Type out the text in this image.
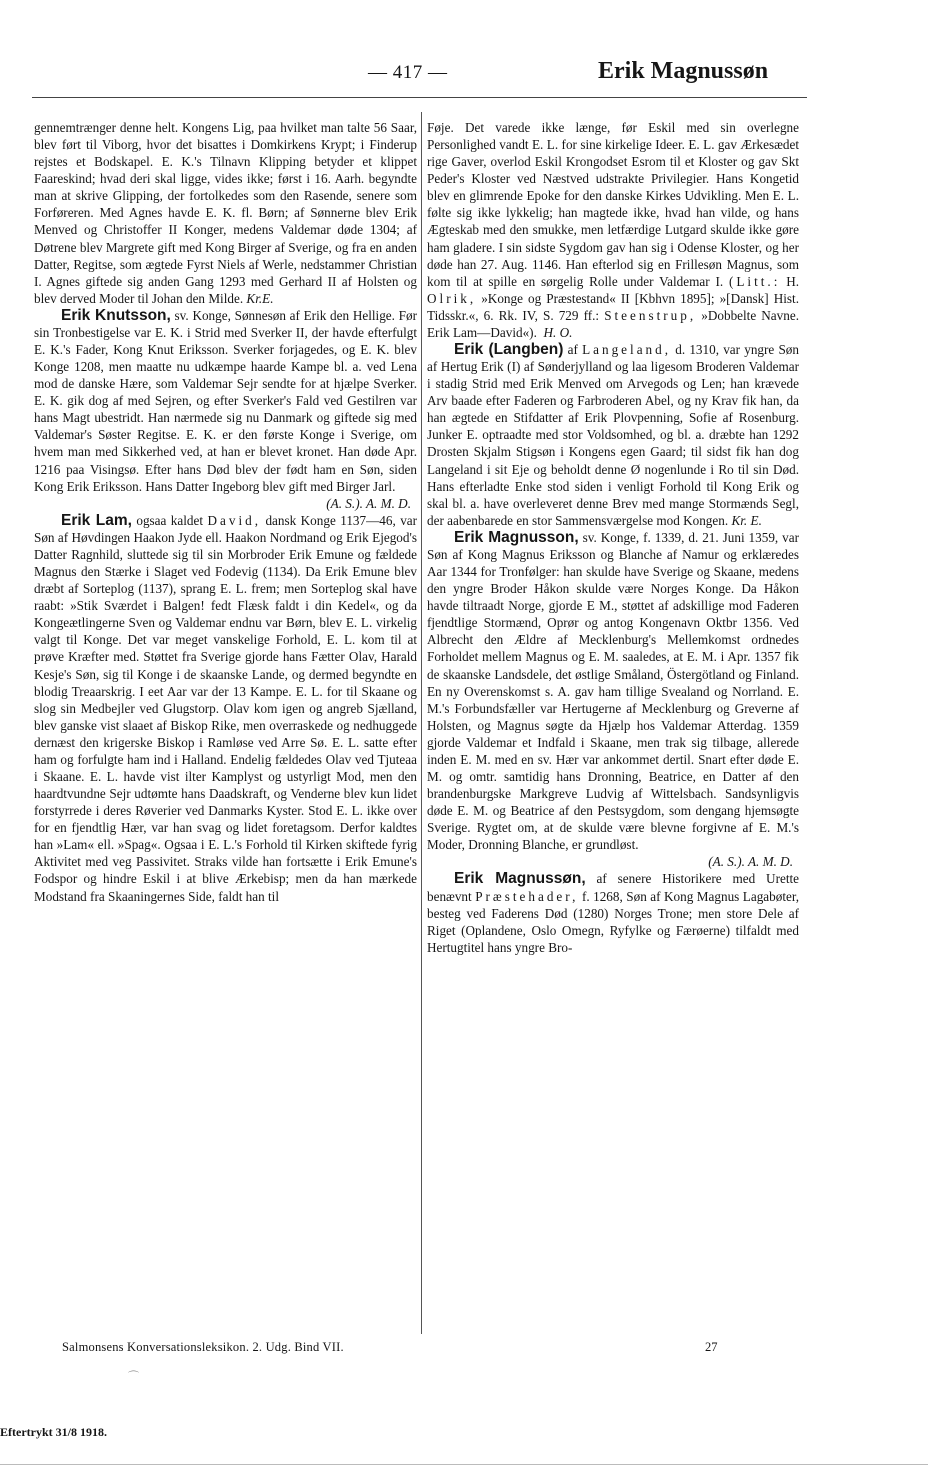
— 417 —	Erik Magnussøn

gennemtrænger denne helt. Kongens Lig, paa hvilket man talte 56 Saar, blev ført til Viborg, hvor det bisattes i Domkirkens Krypt; i Finderup rejstes et Bodskapel. E. K.'s Tilnavn Klipping betyder et klippet Faareskind; hvad deri skal ligge, vides ikke; først i 16. Aarh. begyndte man at skrive Glipping, der fortolkedes som den Rasende, senere som Forføreren. Med Agnes havde E. K. fl. Børn; af Sønnerne blev Erik Menved og Christoffer II Konger, medens Valdemar døde 1304; af Døtrene blev Margrete gift med Kong Birger af Sverige, og fra en anden Datter, Regitse, som ægtede Fyrst Niels af Werle, nedstammer Christian I. Agnes giftede sig anden Gang 1293 med Gerhard II af Holsten og blev derved Moder til Johan den Milde. Kr.E.

Erik Knutsson, sv. Konge, Sønnesøn af Erik den Hellige. Før sin Tronbestigelse var E. K. i Strid med Sverker II, der havde efterfulgt E. K.'s Fader, Kong Knut Eriksson. Sverker forjagedes, og E. K. blev Konge 1208, men maatte nu udkæmpe haarde Kampe bl. a. ved Lena mod de danske Hære, som Valdemar Sejr sendte for at hjælpe Sverker. E. K. gik dog af med Sejren, og efter Sverker's Fald ved Gestilren var hans Magt ubestridt. Han nærmede sig nu Danmark og giftede sig med Valdemar's Søster Regitse. E. K. er den første Konge i Sverige, om hvem man med Sikkerhed ved, at han er blevet kronet. Han døde Apr. 1216 paa Visingsø. Efter hans Død blev der født ham en Søn, siden Kong Erik Eriksson. Hans Datter Ingeborg blev gift med Birger Jarl.

(A. S.). A. M. D.

Erik Lam, ogsaa kaldet David, dansk Konge 1137—46, var Søn af Høvdingen Haakon Jyde ell. Haakon Nordmand og Erik Ejegod's Datter Ragnhild, sluttede sig til sin Morbroder Erik Emune og fældede Magnus den Stærke i Slaget ved Fodevig (1134). Da Erik Emune blev dræbt af Sorteplog (1137), sprang E. L. frem; men Sorteplog skal have raabt: »Stik Sværdet i Balgen! fedt Flæsk faldt i din Kedel«, og da Kongeætlingerne Sven og Valdemar endnu var Børn, blev E. L. virkelig valgt til Konge. Det var meget vanskelige Forhold, E. L. kom til at prøve Kræfter med. Støttet fra Sverige gjorde hans Fætter Olav, Harald Kesje's Søn, sig til Konge i de skaanske Lande, og dermed begyndte en blodig Treaarskrig. I eet Aar var der 13 Kampe. E. L. for til Skaane og slog sin Medbejler ved Glugstorp. Olav kom igen og angreb Sjælland, blev ganske vist slaaet af Biskop Rike, men overraskede og nedhuggede dernæst den krigerske Biskop i Ramløse ved Arre Sø. E. L. satte efter ham og forfulgte ham ind i Halland. Endelig fældedes Olav ved Tjuteaa i Skaane. E. L. havde vist ilter Kamplyst og ustyrligt Mod, men den haardtvundne Sejr udtømte hans Daadskraft, og Venderne blev kun lidet forstyrrede i deres Røverier ved Danmarks Kyster. Stod E. L. ikke over for en fjendtlig Hær, var han svag og lidet foretagsom. Derfor kaldtes han »Lam« ell. »Spag«. Ogsaa i E. L.'s Forhold til Kirken skiftede fyrig Aktivitet med veg Passivitet. Straks vilde han fortsætte i Erik Emune's Fodspor og hindre Eskil i at blive Ærkebisp; men da han mærkede Modstand fra Skaaningernes Side, faldt han til

Føje. Det varede ikke længe, før Eskil med sin overlegne Personlighed vandt E. L. for sine kirkelige Ideer. E. L. gav Ærkesædet rige Gaver, overlod Eskil Krongodset Esrom til et Kloster og gav Skt Peder's Kloster ved Næstved udstrakte Privilegier. Hans Kongetid blev en glimrende Epoke for den danske Kirkes Udvikling. Men E. L. følte sig ikke lykkelig; han magtede ikke, hvad han vilde, og hans Ægteskab med den smukke, men letfærdige Lutgard skulde ikke gøre ham gladere. I sin sidste Sygdom gav han sig i Odense Kloster, og her døde han 27. Aug. 1146. Han efterlod sig en Frillesøn Magnus, som kom til at spille en sørgelig Rolle under Valdemar I. (Litt.: H. Olrik, »Konge og Præstestand« II [Kbhvn 1895]; »[Dansk] Hist. Tidsskr.«, 6. Rk. IV, S. 729 ff.: Steenstrup, »Dobbelte Navne. Erik Lam—David«). H. O.

Erik (Langben) af Langeland, d. 1310, var yngre Søn af Hertug Erik (I) af Sønderjylland og laa ligesom Broderen Valdemar i stadig Strid med Erik Menved om Arvegods og Len; han krævede Arv baade efter Faderen og Farbroderen Abel, og ny Krav fik han, da han ægtede en Stifdatter af Erik Plovpenning, Sofie af Rosenburg. Junker E. optraadte med stor Voldsomhed, og bl. a. dræbte han 1292 Drosten Skjalm Stigsøn i Kongens egen Gaard; til sidst fik han dog Langeland i sit Eje og beholdt denne Ø nogenlunde i Ro til sin Død. Hans efterladte Enke stod siden i venligt Forhold til Kong Erik og skal bl. a. have overleveret denne Brev med mange Stormænds Segl, der aabenbarede en stor Sammensværgelse mod Kongen. Kr. E.

Erik Magnusson, sv. Konge, f. 1339, d. 21. Juni 1359, var Søn af Kong Magnus Eriksson og Blanche af Namur og erklæredes Aar 1344 for Tronfølger: han skulde have Sverige og Skaane, medens den yngre Broder Håkon skulde være Norges Konge. Da Håkon havde tiltraadt Norge, gjorde E M., støttet af adskillige mod Faderen fjendtlige Stormænd, Oprør og antog Kongenavn Oktbr 1356. Ved Albrecht den Ældre af Mecklenburg's Mellemkomst ordnedes Forholdet mellem Magnus og E. M. saaledes, at E. M. i Apr. 1357 fik de skaanske Landsdele, det østlige Småland, Östergötland og Finland. En ny Overenskomst s. A. gav ham tillige Svealand og Norrland. E. M.'s Forbundsfæller var Hertugerne af Mecklenburg og Greverne af Holsten, og Magnus søgte da Hjælp hos Valdemar Atterdag. 1359 gjorde Valdemar et Indfald i Skaane, men trak sig tilbage, allerede inden E. M. med en sv. Hær var ankommet dertil. Snart efter døde E. M. og omtr. samtidig hans Dronning, Beatrice, en Datter af den brandenburgske Markgreve Ludvig af Wittelsbach. Sandsynligvis døde E. M. og Beatrice af den Pestsygdom, som dengang hjemsøgte Sverige. Rygtet om, at de skulde være blevne forgivne af E. M.'s Moder, Dronning Blanche, er grundløst.

(A. S.). A. M. D.

Erik Magnussøn, af senere Historikere med Urette benævnt Præstehader, f. 1268, Søn af Kong Magnus Lagabøter, besteg ved Faderens Død (1280) Norges Trone; men store Dele af Riget (Oplandene, Oslo Omegn, Ryfylke og Færøerne) tilfaldt med Hertugtitel hans yngre Bro-

Salmonsens Konversationsleksikon. 2. Udg. Bind VII.	27
⌒
Eftertrykt 31/8 1918.
